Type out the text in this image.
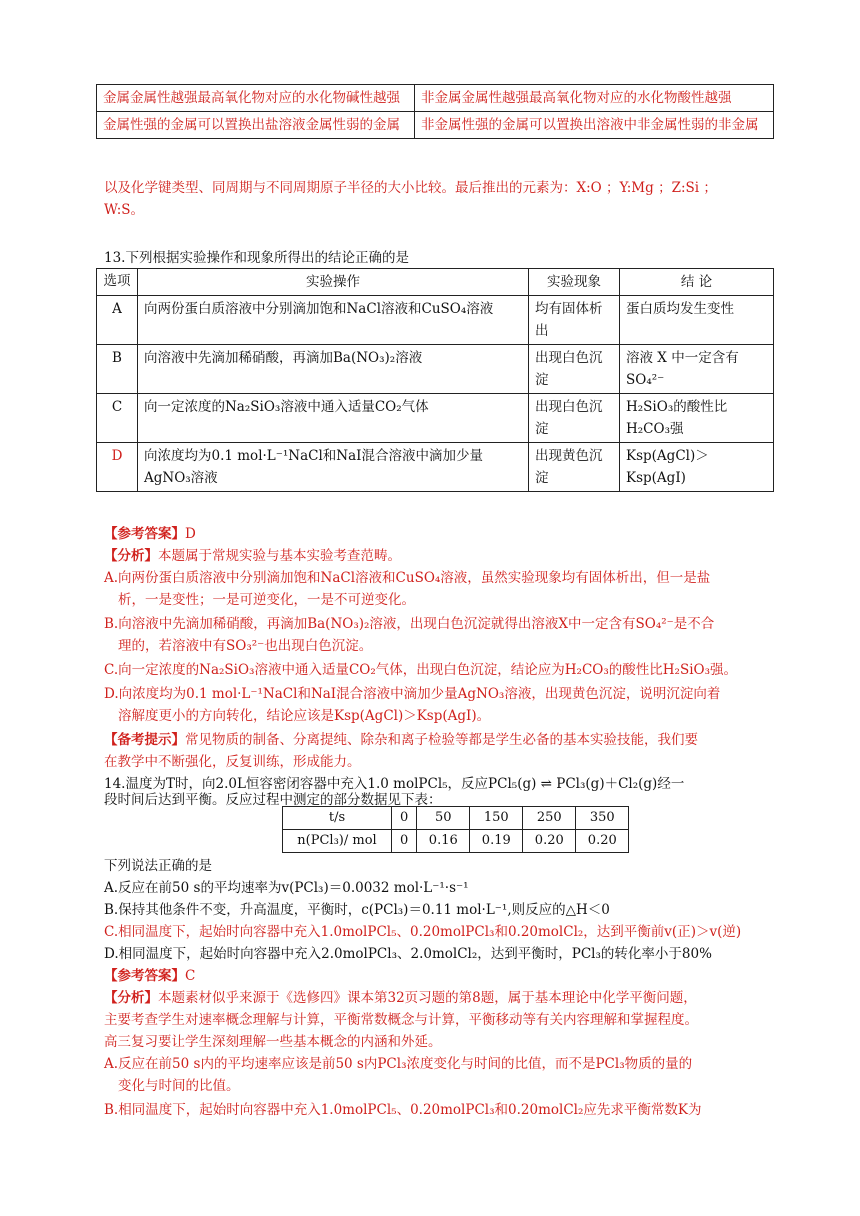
金属金属性越强最高氧化物对应的水化物碱性越强	非金属金属性越强最高氧化物对应的水化物酸性越强
金属性强的金属可以置换出盐溶液金属性弱的金属	非金属性强的金属可以置换出溶液中非金属性弱的非金属
以及化学键类型、同周期与不同周期原子半径的大小比较。最后推出的元素为：X:O ；Y:Mg ；Z:Si ；
W:S。
13.下列根据实验操作和现象所得出的结论正确的是
选项	实验操作	实验现象	结 论
A	向两份蛋白质溶液中分别滴加饱和NaCl溶液和CuSO₄溶液	均有固体析出	蛋白质均发生变性
B	向溶液中先滴加稀硝酸，再滴加Ba(NO₃)₂溶液	出现白色沉淀	溶液 X 中一定含有 SO₄²⁻
C	向一定浓度的Na₂SiO₃溶液中通入适量CO₂气体	出现白色沉淀	H₂SiO₃的酸性比H₂CO₃强
D	向浓度均为0.1 mol·L⁻¹NaCl和NaI混合溶液中滴加少量AgNO₃溶液	出现黄色沉淀	Ksp(AgCl)＞Ksp(AgI)
【参考答案】D
【分析】本题属于常规实验与基本实验考查范畴。
A.向两份蛋白质溶液中分别滴加饱和NaCl溶液和CuSO₄溶液，虽然实验现象均有固体析出，但一是盐
析，一是变性；一是可逆变化，一是不可逆变化。
B.向溶液中先滴加稀硝酸，再滴加Ba(NO₃)₂溶液，出现白色沉淀就得出溶液X中一定含有SO₄²⁻是不合
理的，若溶液中有SO₃²⁻也出现白色沉淀。
C.向一定浓度的Na₂SiO₃溶液中通入适量CO₂气体，出现白色沉淀，结论应为H₂CO₃的酸性比H₂SiO₃强。
D.向浓度均为0.1 mol·L⁻¹NaCl和NaI混合溶液中滴加少量AgNO₃溶液，出现黄色沉淀，说明沉淀向着
溶解度更小的方向转化，结论应该是Ksp(AgCl)＞Ksp(AgI)。
【备考提示】常见物质的制备、分离提纯、除杂和离子检验等都是学生必备的基本实验技能，我们要
在教学中不断强化，反复训练，形成能力。
14.温度为T时，向2.0L恒容密闭容器中充入1.0 molPCl₅，反应PCl₅(g) ⇌ PCl₃(g)＋Cl₂(g)经一
段时间后达到平衡。反应过程中测定的部分数据见下表：
t/s	0	50	150	250	350
n(PCl₃)/ mol	0	0.16	0.19	0.20	0.20
下列说法正确的是
A.反应在前50 s的平均速率为v(PCl₃)＝0.0032 mol·L⁻¹·s⁻¹
B.保持其他条件不变，升高温度，平衡时，c(PCl₃)＝0.11 mol·L⁻¹,则反应的△H＜0
C.相同温度下，起始时向容器中充入1.0molPCl₅、0.20molPCl₃和0.20molCl₂，达到平衡前v(正)＞v(逆)
D.相同温度下，起始时向容器中充入2.0molPCl₃、2.0molCl₂，达到平衡时，PCl₃的转化率小于80%
【参考答案】C
【分析】本题素材似乎来源于《选修四》课本第32页习题的第8题，属于基本理论中化学平衡问题，
主要考查学生对速率概念理解与计算，平衡常数概念与计算，平衡移动等有关内容理解和掌握程度。
高三复习要让学生深刻理解一些基本概念的内涵和外延。
A.反应在前50 s内的平均速率应该是前50 s内PCl₃浓度变化与时间的比值，而不是PCl₃物质的量的
变化与时间的比值。
B.相同温度下，起始时向容器中充入1.0molPCl₅、0.20molPCl₃和0.20molCl₂应先求平衡常数K为
